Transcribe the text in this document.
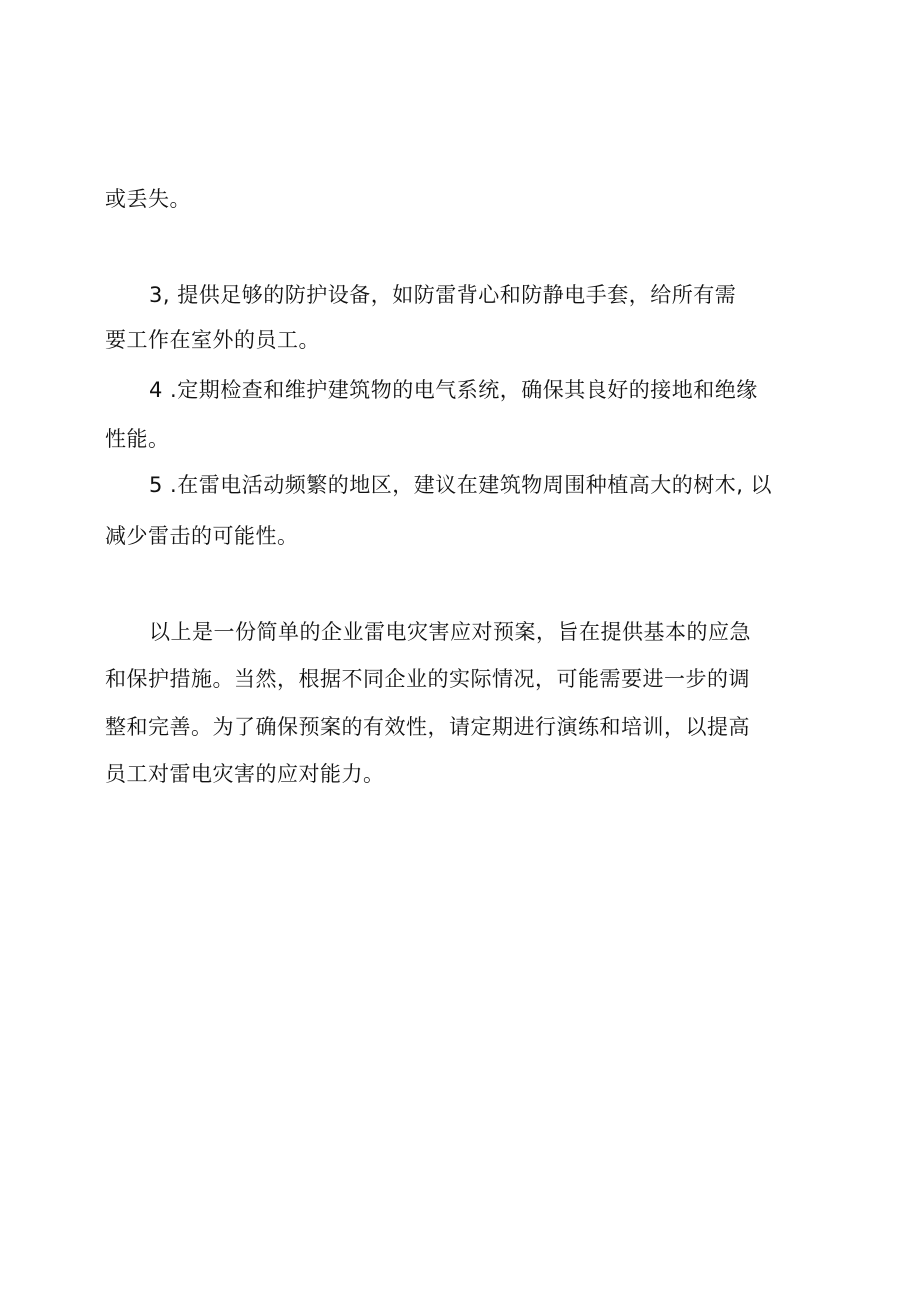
或丢失。
3, 提供足够的防护设备，如防雷背心和防静电手套，给所有需
要工作在室外的员工。
4 .定期检查和维护建筑物的电气系统，确保其良好的接地和绝缘
性能。
5 .在雷电活动频繁的地区，建议在建筑物周围种植高大的树木, 以
减少雷击的可能性。
以上是一份简单的企业雷电灾害应对预案，旨在提供基本的应急
和保护措施。当然，根据不同企业的实际情况，可能需要进一步的调
整和完善。为了确保预案的有效性，请定期进行演练和培训，以提高
员工对雷电灾害的应对能力。
